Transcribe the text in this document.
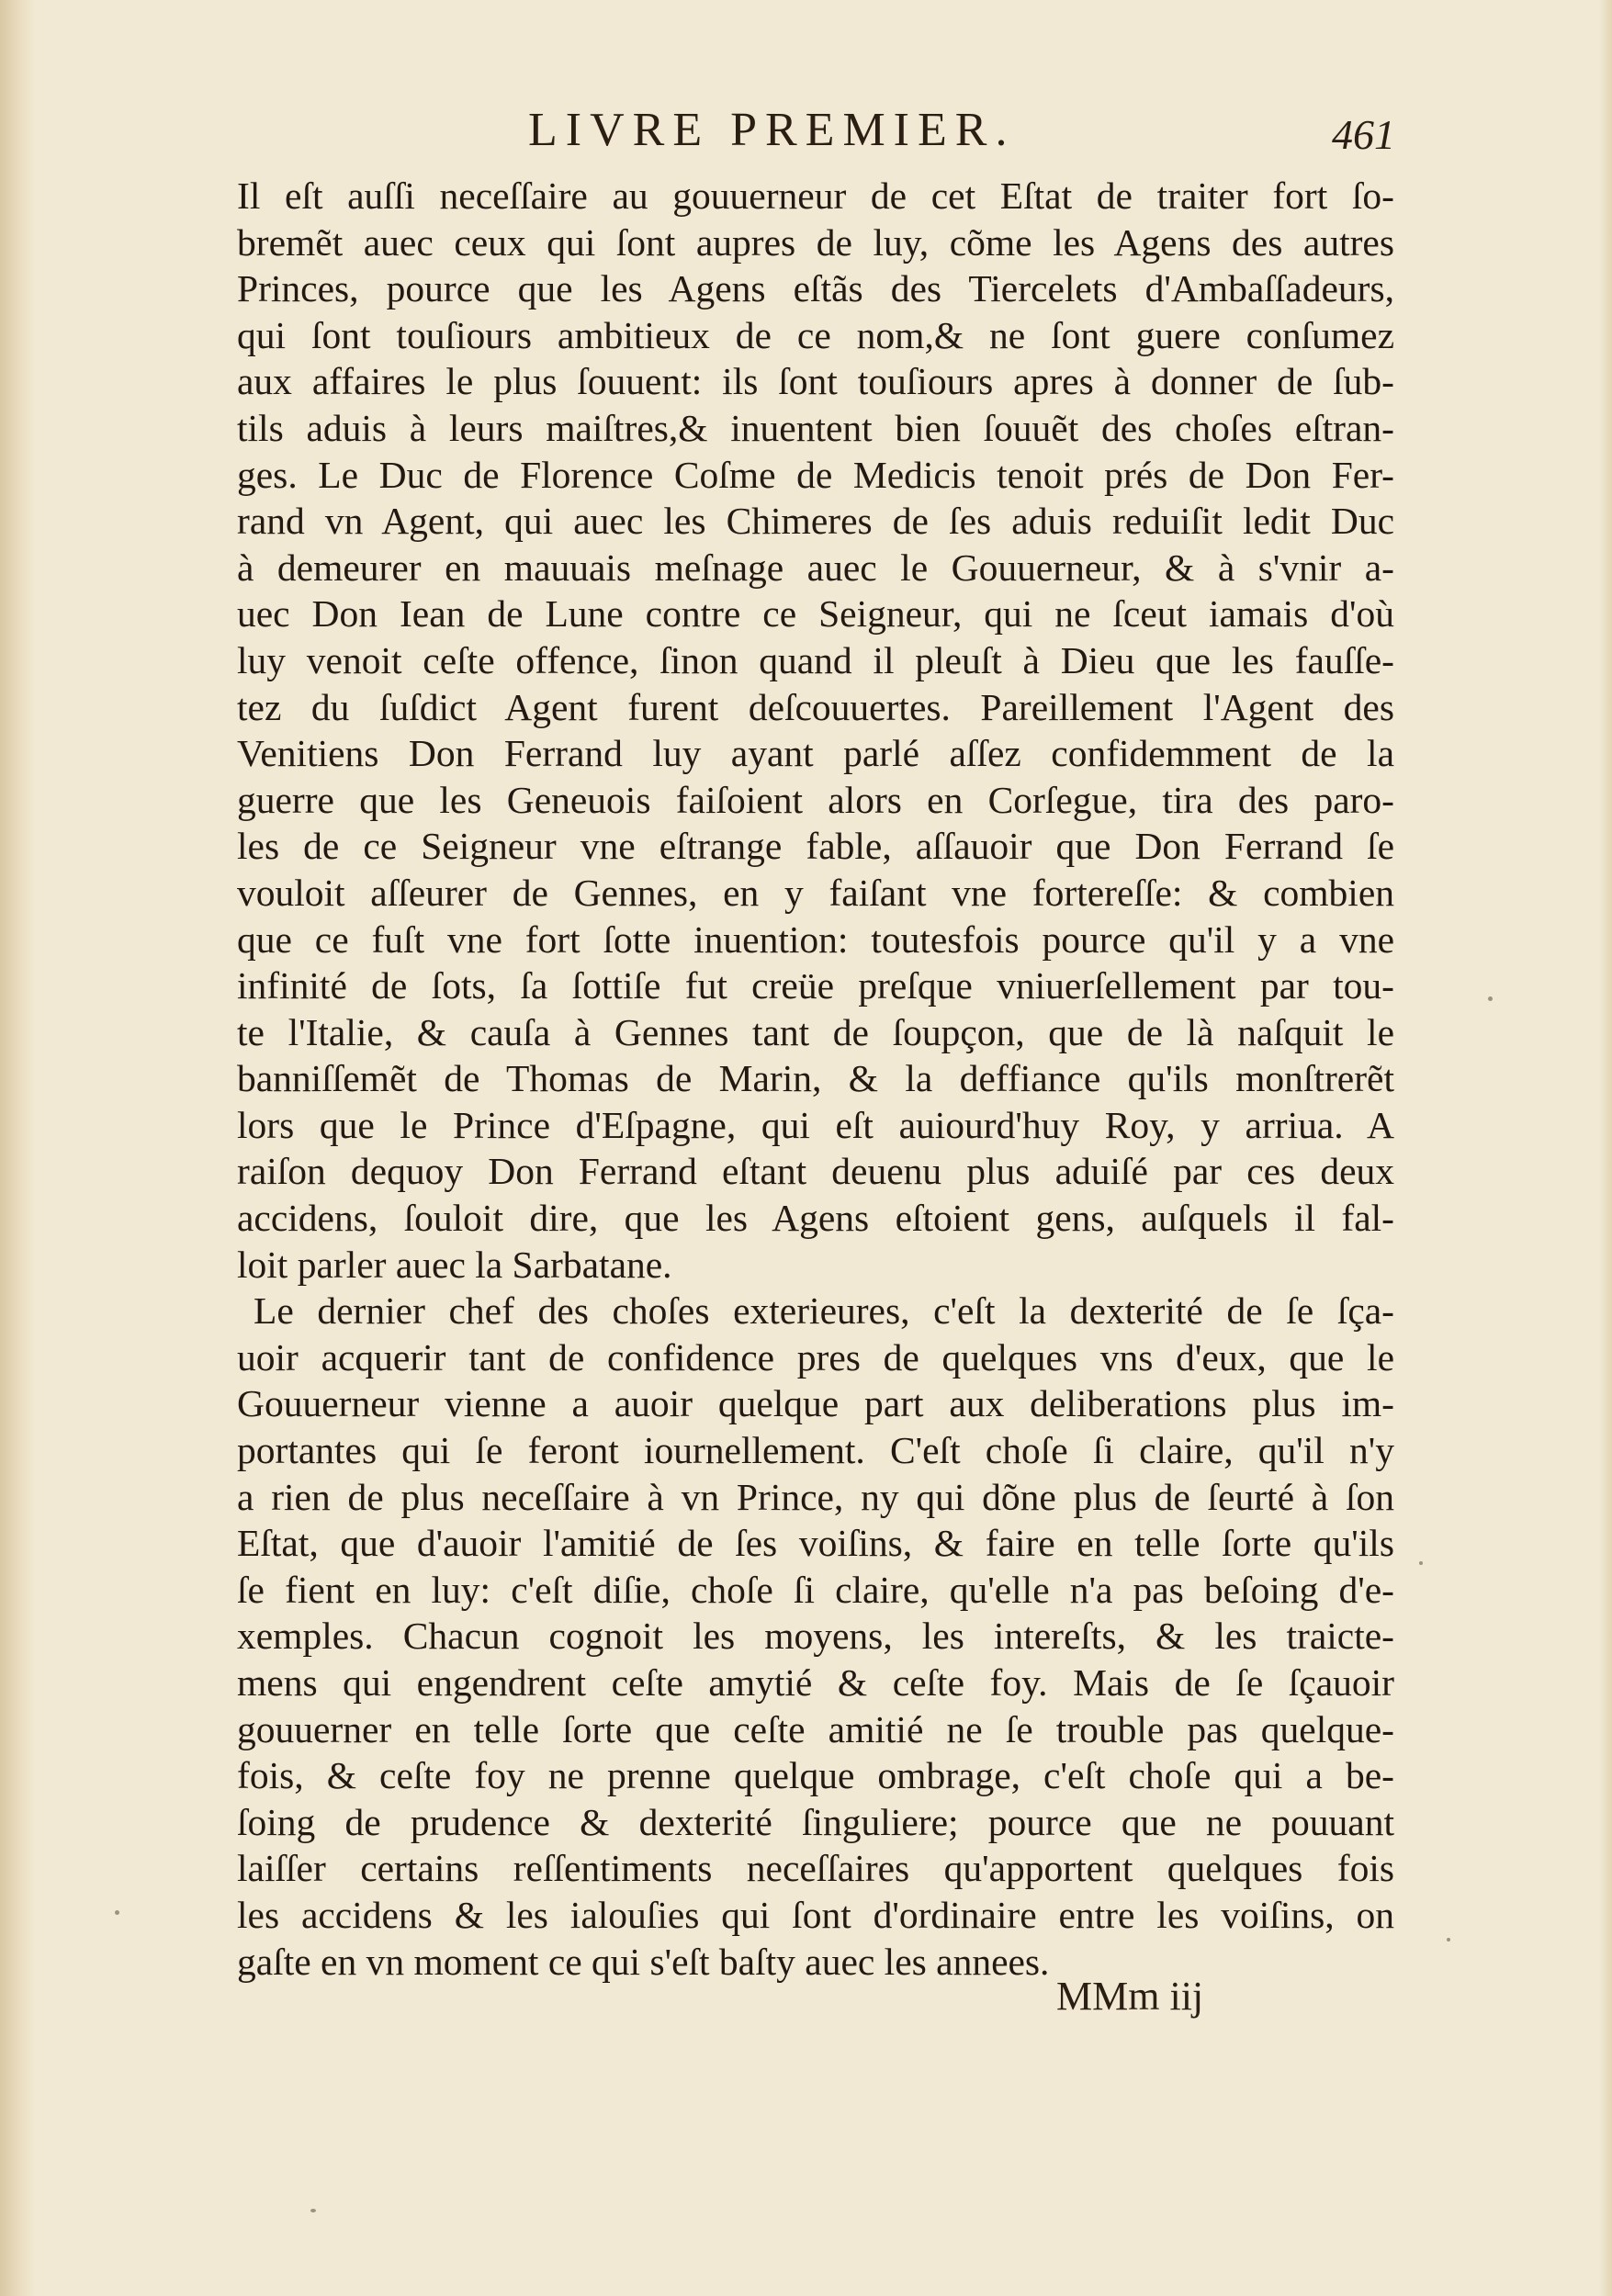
LIVRE PREMIER.	461
Il eſt auſſi neceſſaire au gouuerneur de cet Eſtat de traiter fort ſo-
bremẽt auec ceux qui ſont aupres de luy, cõme les Agens des autres
Princes, pource que les Agens eſtãs des Tiercelets d'Ambaſſadeurs,
qui ſont touſiours ambitieux de ce nom,& ne ſont guere conſumez
aux affaires le plus ſouuent: ils ſont touſiours apres à donner de ſub-
tils aduis à leurs maiſtres,& inuentent bien ſouuẽt des choſes eſtran-
ges. Le Duc de Florence Coſme de Medicis tenoit prés de Don Fer-
rand vn Agent, qui auec les Chimeres de ſes aduis reduiſit ledit Duc
à demeurer en mauuais meſnage auec le Gouuerneur, & à s'vnir a-
uec Don Iean de Lune contre ce Seigneur, qui ne ſceut iamais d'où
luy venoit ceſte offence, ſinon quand il pleuſt à Dieu que les fauſſe-
tez du ſuſdict Agent furent deſcouuertes. Pareillement l'Agent des
Venitiens Don Ferrand luy ayant parlé aſſez confidemment de la
guerre que les Geneuois faiſoient alors en Corſegue, tira des paro-
les de ce Seigneur vne eſtrange fable, aſſauoir que Don Ferrand ſe
vouloit aſſeurer de Gennes, en y faiſant vne forterеſſe: & combien
que ce fuſt vne fort ſotte inuention: toutesfois pource qu'il y a vne
infinité de ſots, ſa ſottiſe fut creüe preſque vniuerſellement par tou-
te l'Italie, & cauſa à Gennes tant de ſoupçon, que de là naſquit le
banniſſemẽt de Thomas de Marin, & la deffiance qu'ils monſtrerẽt
lors que le Prince d'Eſpagne, qui eſt auiourd'huy Roy, y arriua. A
raiſon dequoy Don Ferrand eſtant deuenu plus aduiſé par ces deux
accidens, ſouloit dire, que les Agens eſtoient gens, auſquels il fal-
loit parler auec la Sarbatane.
Le dernier chef des choſes exterieures, c'eſt la dexterité de ſe ſça-
uoir acquerir tant de confidence pres de quelques vns d'eux, que le
Gouuerneur vienne a auoir quelque part aux deliberations plus im-
portantes qui ſe feront iournellement. C'eſt choſe ſi claire, qu'il n'y
a rien de plus neceſſaire à vn Prince, ny qui dõne plus de ſeurté à ſon
Eſtat, que d'auoir l'amitié de ſes voiſins, & faire en telle ſorte qu'ils
ſe fient en luy: c'eſt diſie, choſe ſi claire, qu'elle n'a pas beſoing d'e-
xemples. Chacun cognoit les moyens, les intereſts, & les traicte-
mens qui engendrent ceſte amytié & ceſte foy. Mais de ſe ſçauoir
gouuerner en telle ſorte que ceſte amitié ne ſe trouble pas quelque-
fois, & ceſte foy ne prenne quelque ombrage, c'eſt choſe qui a be-
ſoing de prudence & dexterité ſinguliere; pource que ne pouuant
laiſſer certains reſſentiments neceſſaires qu'apportent quelques fois
les accidens & les ialouſies qui ſont d'ordinaire entre les voiſins, on
gaſte en vn moment ce qui s'eſt baſty auec les annees.
MMm iij
